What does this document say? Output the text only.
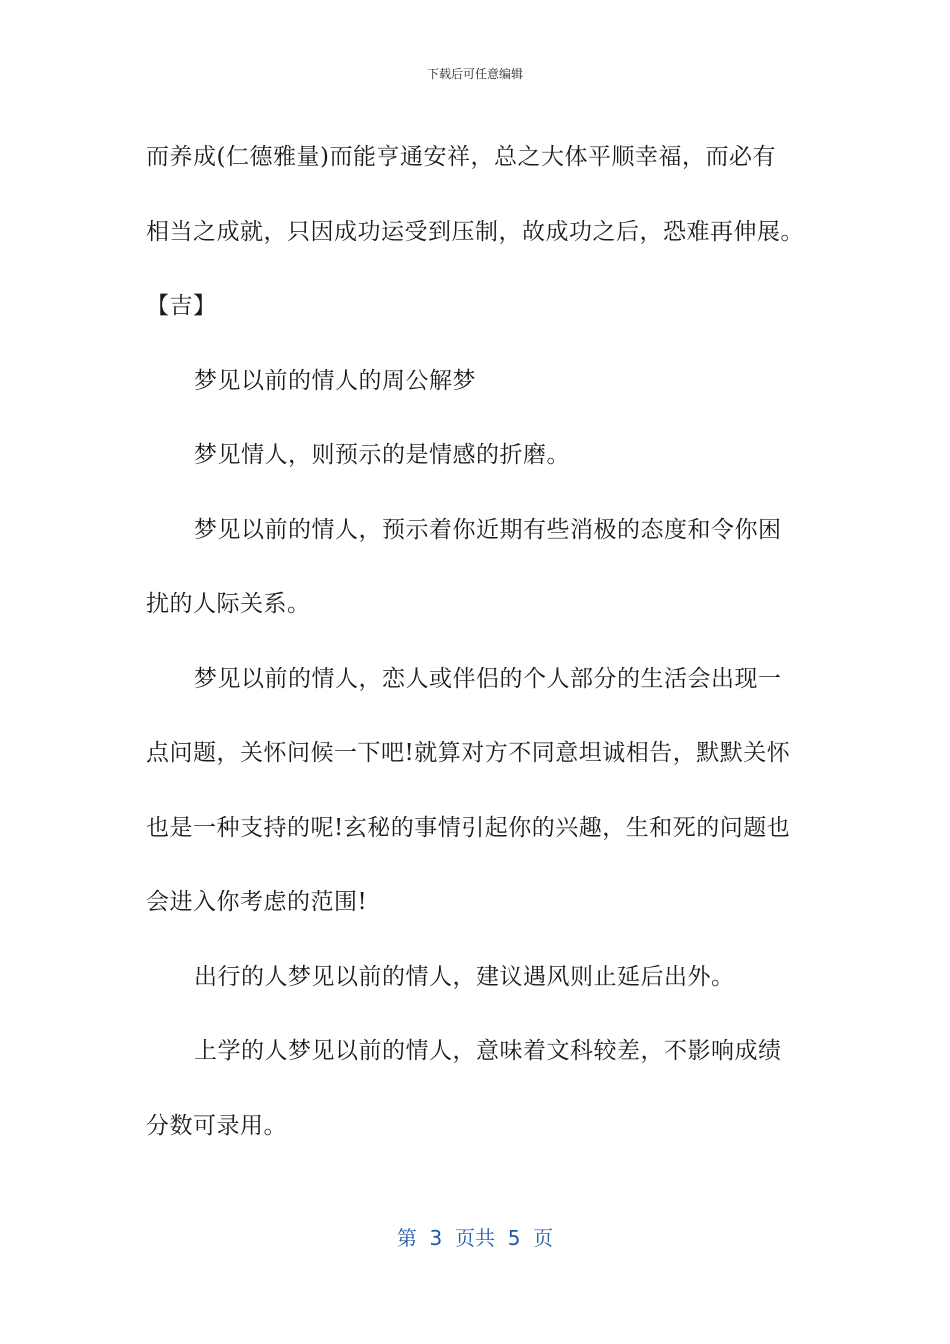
下载后可任意编辑

而养成(仁德雅量)而能亨通安祥，总之大体平顺幸福，而必有

相当之成就，只因成功运受到压制，故成功之后，恐难再伸展。

【吉】

梦见以前的情人的周公解梦

梦见情人，则预示的是情感的折磨。

梦见以前的情人，预示着你近期有些消极的态度和令你困

扰的人际关系。

梦见以前的情人，恋人或伴侣的个人部分的生活会出现一

点问题，关怀问候一下吧!就算对方不同意坦诚相告，默默关怀

也是一种支持的呢!玄秘的事情引起你的兴趣，生和死的问题也

会进入你考虑的范围!

出行的人梦见以前的情人，建议遇风则止延后出外。

上学的人梦见以前的情人，意味着文科较差，不影响成绩

分数可录用。

第  3  页共  5  页
